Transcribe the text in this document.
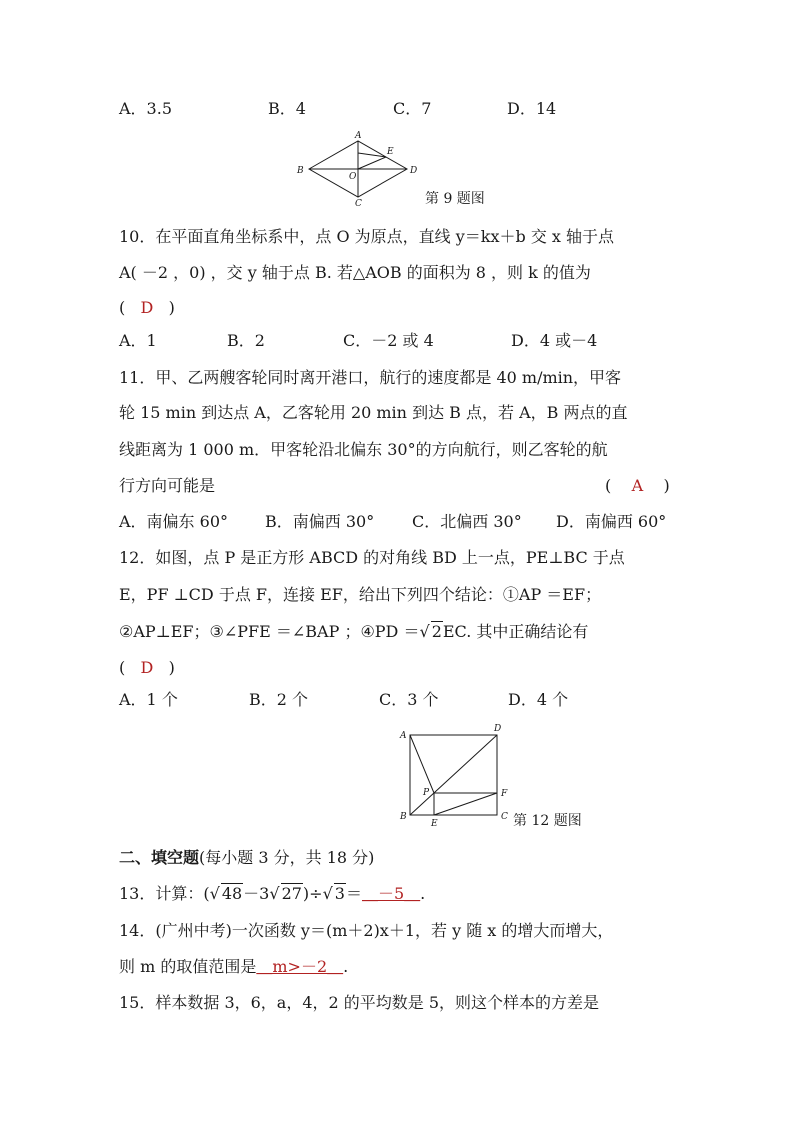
A．3.5	B．4	C．7	D．14
A
B
C
D
E
O
第 9 题图
10．在平面直角坐标系中，点 O 为原点，直线 y＝kx＋b 交 x 轴于点
A( －2 ，0) ，交 y 轴于点 B. 若△AOB 的面积为 8 ，则 k 的值为
( D )
A．1	B．2	C．－2 或 4	D．4 或－4
11．甲、乙两艘客轮同时离开港口，航行的速度都是 40 m/min，甲客
轮 15 min 到达点 A，乙客轮用 20 min 到达 B 点，若 A，B 两点的直
线距离为 1 000 m．甲客轮沿北偏东 30°的方向航行，则乙客轮的航
行方向可能是	( A )
A．南偏东 60° B．南偏西 30° C．北偏西 30° D．南偏西 60°
12．如图，点 P 是正方形 ABCD 的对角线 BD 上一点，PE⊥BC 于点
E，PF ⊥CD 于点 F，连接 EF，给出下列四个结论：①AP ＝EF；
②AP⊥EF；③∠PFE ＝∠BAP ；④PD ＝√ 2EC. 其中正确结论有
( D )
A．1 个	B．2 个	C．3 个	D．4 个
A
D
P	F
B
E
C 第 12 题图
二、填空题(每小题 3 分，共 18 分)
13．计算：(√ 48－3√ 27)÷√ 3＝＿－5＿.
14．(广州中考)一次函数 y＝(m＋2)x＋1，若 y 随 x 的增大而增大，
则 m 的取值范围是＿m>－2＿.
15．样本数据 3，6，a，4，2 的平均数是 5，则这个样本的方差是
